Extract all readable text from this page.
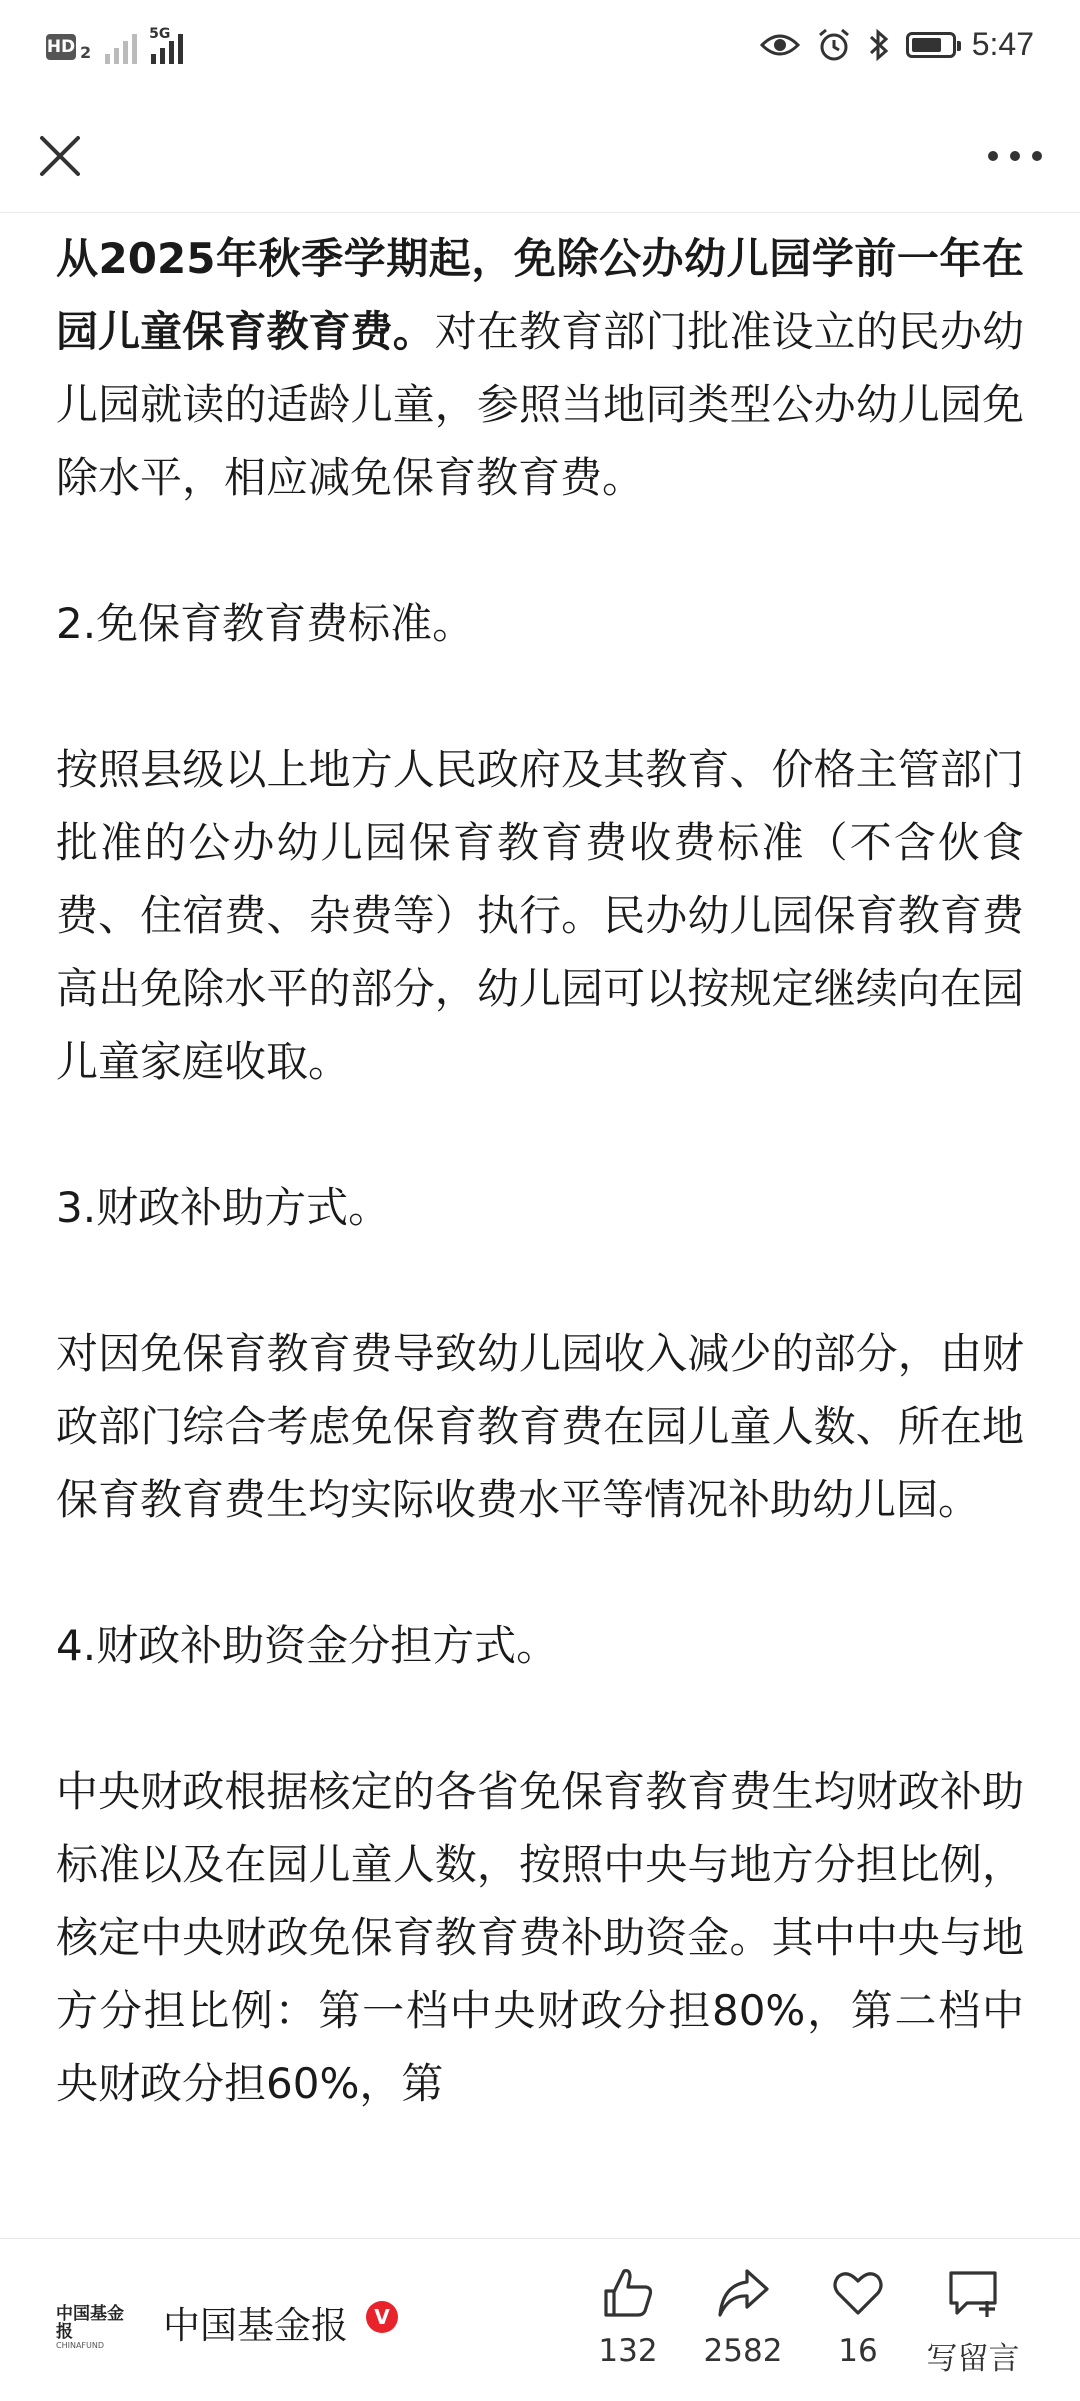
HD 2
5G	5:47

从2025年秋季学期起，免除公办幼儿园学前一年在园儿童保育教育费。对在教育部门批准设立的民办幼儿园就读的适龄儿童，参照当地同类型公办幼儿园免除水平，相应减免保育教育费。

2.免保育教育费标准。

按照县级以上地方人民政府及其教育、价格主管部门批准的公办幼儿园保育教育费收费标准（不含伙食费、住宿费、杂费等）执行。民办幼儿园保育教育费高出免除水平的部分，幼儿园可以按规定继续向在园儿童家庭收取。

3.财政补助方式。

对因免保育教育费导致幼儿园收入减少的部分，由财政部门综合考虑免保育教育费在园儿童人数、所在地保育教育费生均实际收费水平等情况补助幼儿园。

4.财政补助资金分担方式。

中央财政根据核定的各省免保育教育费生均财政补助标准以及在园儿童人数，按照中央与地方分担比例，核定中央财政免保育教育费补助资金。其中中央与地方分担比例：第一档中央财政分担80%，第二档中央财政分担60%，第

中国基金报
CHINAFUND	中国基金报	V
132	2582	16	写留言
